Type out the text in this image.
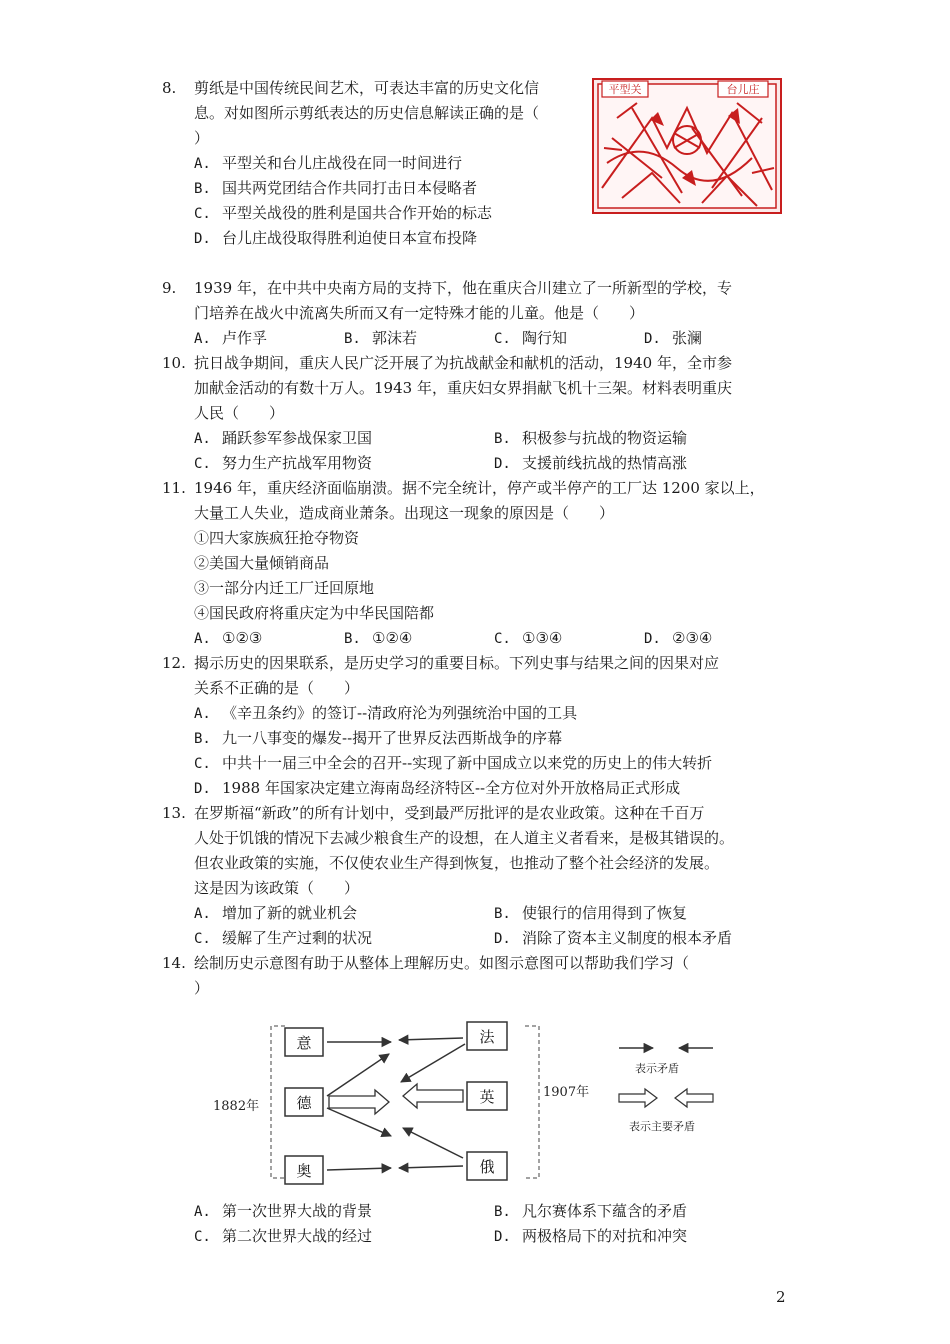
8. 剪纸是中国传统民间艺术，可表达丰富的历史文化信
息。对如图所示剪纸表达的历史信息解读正确的是（
）
A. 平型关和台儿庄战役在同一时间进行
B. 国共两党团结合作共同打击日本侵略者
C. 平型关战役的胜利是国共合作开始的标志
D. 台儿庄战役取得胜利迫使日本宣布投降
平型关	台儿庄
9. 1939 年，在中共中央南方局的支持下，他在重庆合川建立了一所新型的学校，专
门培养在战火中流离失所而又有一定特殊才能的儿童。他是（　　）
A. 卢作孚	B. 郭沫若	C. 陶行知	D. 张澜
10. 抗日战争期间，重庆人民广泛开展了为抗战献金和献机的活动，1940 年，全市参
加献金活动的有数十万人。1943 年，重庆妇女界捐献飞机十三架。材料表明重庆
人民（　　）
A. 踊跃参军参战保家卫国	B. 积极参与抗战的物资运输
C. 努力生产抗战军用物资	D. 支援前线抗战的热情高涨
11. 1946 年，重庆经济面临崩溃。据不完全统计，停产或半停产的工厂达 1200 家以上，
大量工人失业，造成商业萧条。出现这一现象的原因是（　　）
①四大家族疯狂抢夺物资
②美国大量倾销商品
③一部分内迁工厂迁回原地
④国民政府将重庆定为中华民国陪都
A. ①②③	B. ①②④	C. ①③④	D. ②③④
12. 揭示历史的因果联系，是历史学习的重要目标。下列史事与结果之间的因果对应
关系不正确的是（　　）
A. 《辛丑条约》的签订--清政府沦为列强统治中国的工具
B. 九一八事变的爆发--揭开了世界反法西斯战争的序幕
C. 中共十一届三中全会的召开--实现了新中国成立以来党的历史上的伟大转折
D. 1988 年国家决定建立海南岛经济特区--全方位对外开放格局正式形成
13. 在罗斯福“新政”的所有计划中，受到最严厉批评的是农业政策。这种在千百万
人处于饥饿的情况下去减少粮食生产的设想，在人道主义者看来，是极其错误的。
但农业政策的实施，不仅使农业生产得到恢复，也推动了整个社会经济的发展。
这是因为该政策（　　）
A. 增加了新的就业机会	B. 使银行的信用得到了恢复
C. 缓解了生产过剩的状况	D. 消除了资本主义制度的根本矛盾
14. 绘制历史示意图有助于从整体上理解历史。如图示意图可以帮助我们学习（
）
1882年
1907年
意
德
奥
法
英
俄
表示矛盾
表示主要矛盾
A. 第一次世界大战的背景	B. 凡尔赛体系下蕴含的矛盾
C. 第二次世界大战的经过	D. 两极格局下的对抗和冲突
2
